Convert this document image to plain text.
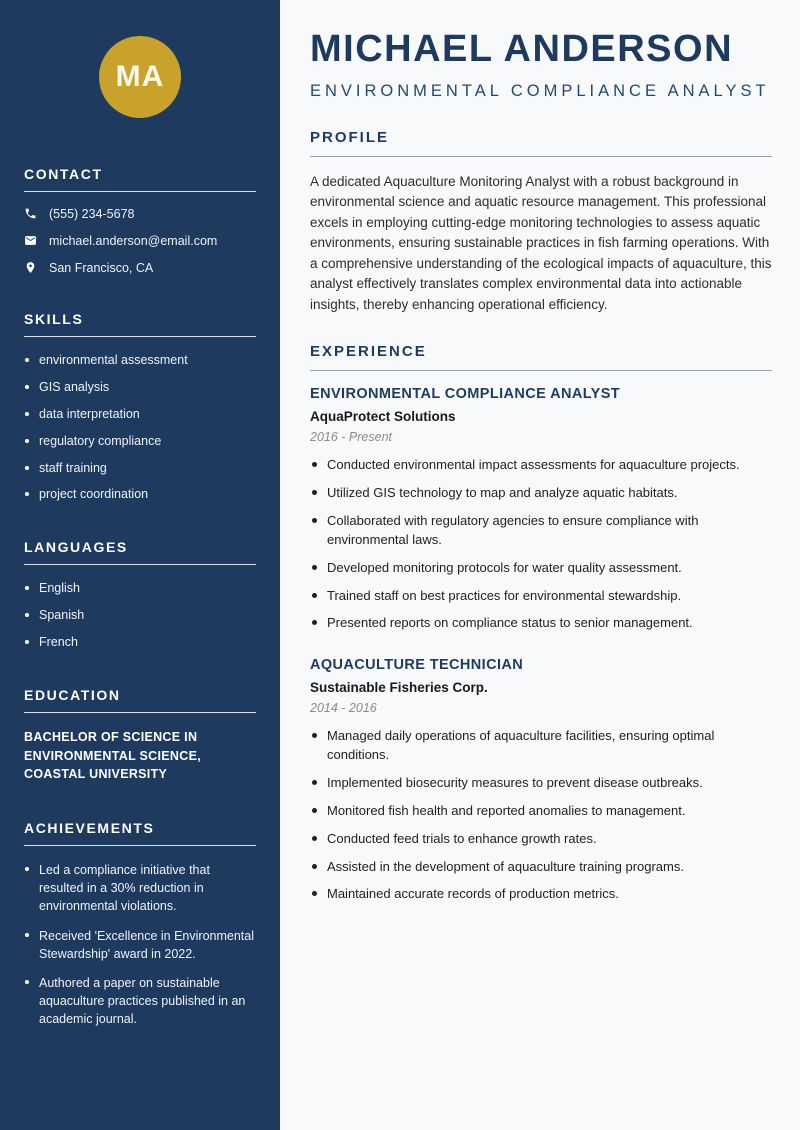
MA
CONTACT
(555) 234-5678
michael.anderson@email.com
San Francisco, CA
SKILLS
environmental assessment
GIS analysis
data interpretation
regulatory compliance
staff training
project coordination
LANGUAGES
English
Spanish
French
EDUCATION
BACHELOR OF SCIENCE IN ENVIRONMENTAL SCIENCE, COASTAL UNIVERSITY
ACHIEVEMENTS
Led a compliance initiative that resulted in a 30% reduction in environmental violations.
Received 'Excellence in Environmental Stewardship' award in 2022.
Authored a paper on sustainable aquaculture practices published in an academic journal.
MICHAEL ANDERSON
ENVIRONMENTAL COMPLIANCE ANALYST
PROFILE

A dedicated Aquaculture Monitoring Analyst with a robust background in environmental science and aquatic resource management. This professional excels in employing cutting-edge monitoring technologies to assess aquatic environments, ensuring sustainable practices in fish farming operations. With a comprehensive understanding of the ecological impacts of aquaculture, this analyst effectively translates complex environmental data into actionable insights, thereby enhancing operational efficiency.

EXPERIENCE
ENVIRONMENTAL COMPLIANCE ANALYST
AquaProtect Solutions
2016 - Present
Conducted environmental impact assessments for aquaculture projects.
Utilized GIS technology to map and analyze aquatic habitats.
Collaborated with regulatory agencies to ensure compliance with environmental laws.
Developed monitoring protocols for water quality assessment.
Trained staff on best practices for environmental stewardship.
Presented reports on compliance status to senior management.
AQUACULTURE TECHNICIAN
Sustainable Fisheries Corp.
2014 - 2016
Managed daily operations of aquaculture facilities, ensuring optimal conditions.
Implemented biosecurity measures to prevent disease outbreaks.
Monitored fish health and reported anomalies to management.
Conducted feed trials to enhance growth rates.
Assisted in the development of aquaculture training programs.
Maintained accurate records of production metrics.
